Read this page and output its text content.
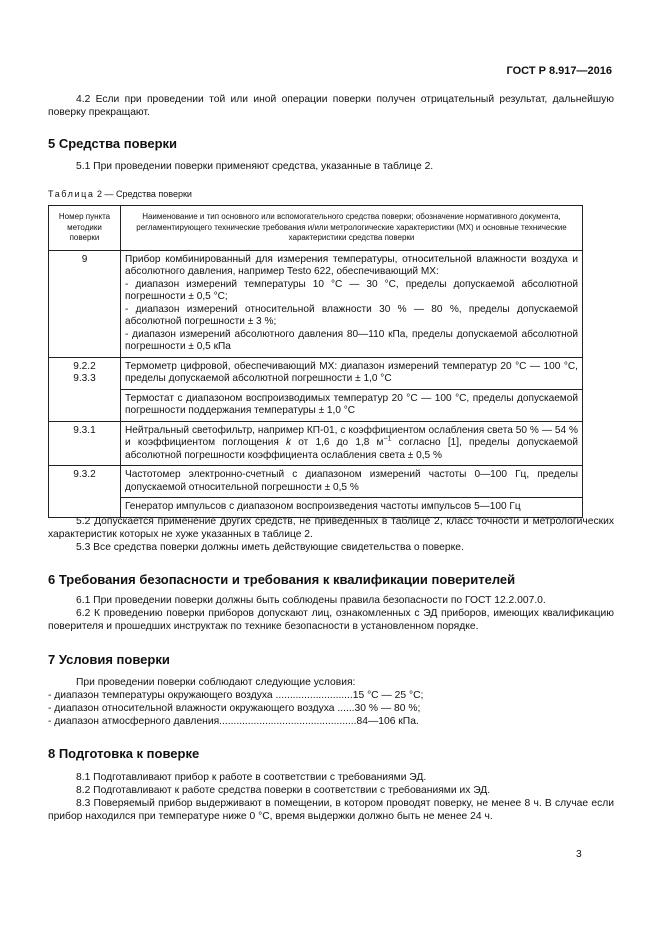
ГОСТ Р 8.917—2016

4.2 Если при проведении той или иной операции поверки получен отрицательный результат, дальнейшую поверку прекращают.

5 Средства поверки

5.1 При проведении поверки применяют средства, указанные в таблице 2.

Таблица 2 — Средства поверки
Номер пункта методики поверки	Наименование и тип основного или вспомогательного средства поверки; обозначение нормативного документа, регламентирующего технические требования и/или метрологические характеристики (МХ) и основные технические характеристики средства поверки
9	Прибор комбинированный для измерения температуры, относительной влажности воздуха и абсолютного давления, например Testo 622, обеспечивающий МХ:
- диапазон измерений температуры 10 °С — 30 °С, пределы допускаемой абсолютной погрешности ± 0,5 °С;
- диапазон измерений относительной влажности 30 % — 80 %, пределы допускаемой абсолютной погрешности ± 3 %;
- диапазон измерений абсолютного давления 80—110 кПа, пределы допускаемой абсолютной погрешности ± 0,5 кПа

9.2.2
9.3.3	Термометр цифровой, обеспечивающий МХ: диапазон измерений температур 20 °С — 100 °С, пределы допускаемой абсолютной погрешности ± 1,0 °С

	Термостат с диапазоном воспроизводимых температур 20 °С — 100 °С, пределы допускаемой погрешности поддержания температуры ± 1,0 °С

9.3.1	Нейтральный светофильтр, например КП-01, с коэффициентом ослабления света 50 % — 54 % и коэффициентом поглощения k от 1,6 до 1,8 $м^{-1}$ согласно [1], пределы допускаемой абсолютной погрешности коэффициента ослабления света ± 0,5 %

9.3.2	Частотомер электронно-счетный с диапазоном измерений частоты 0—100 Гц, пределы допускаемой относительной погрешности ± 0,5 %

	Генератор импульсов с диапазоном воспроизведения частоты импульсов 5—100 Гц

5.2 Допускается применение других средств, не приведенных в таблице 2, класс точности и метрологических характеристик которых не хуже указанных в таблице 2.

5.3 Все средства поверки должны иметь действующие свидетельства о поверке.

6 Требования безопасности и требования к квалификации поверителей

6.1 При проведении поверки должны быть соблюдены правила безопасности по ГОСТ 12.2.007.0.

6.2 К проведению поверки приборов допускают лиц, ознакомленных с ЭД приборов, имеющих квалификацию поверителя и прошедших инструктаж по технике безопасности в установленном порядке.

7 Условия поверки

При проведении поверки соблюдают следующие условия:

- диапазон температуры окружающего воздуха ...........................15 °С — 25 °С;

- диапазон относительной влажности окружающего воздуха ......30 % — 80 %;

- диапазон атмосферного давления................................................84—106 кПа.

8 Подготовка к поверке

8.1 Подготавливают прибор к работе в соответствии с требованиями ЭД.

8.2 Подготавливают к работе средства поверки в соответствии с требованиями их ЭД.

8.3 Поверяемый прибор выдерживают в помещении, в котором проводят поверку, не менее 8 ч. В случае если прибор находился при температуре ниже 0 °С, время выдержки должно быть не менее 24 ч.

3
